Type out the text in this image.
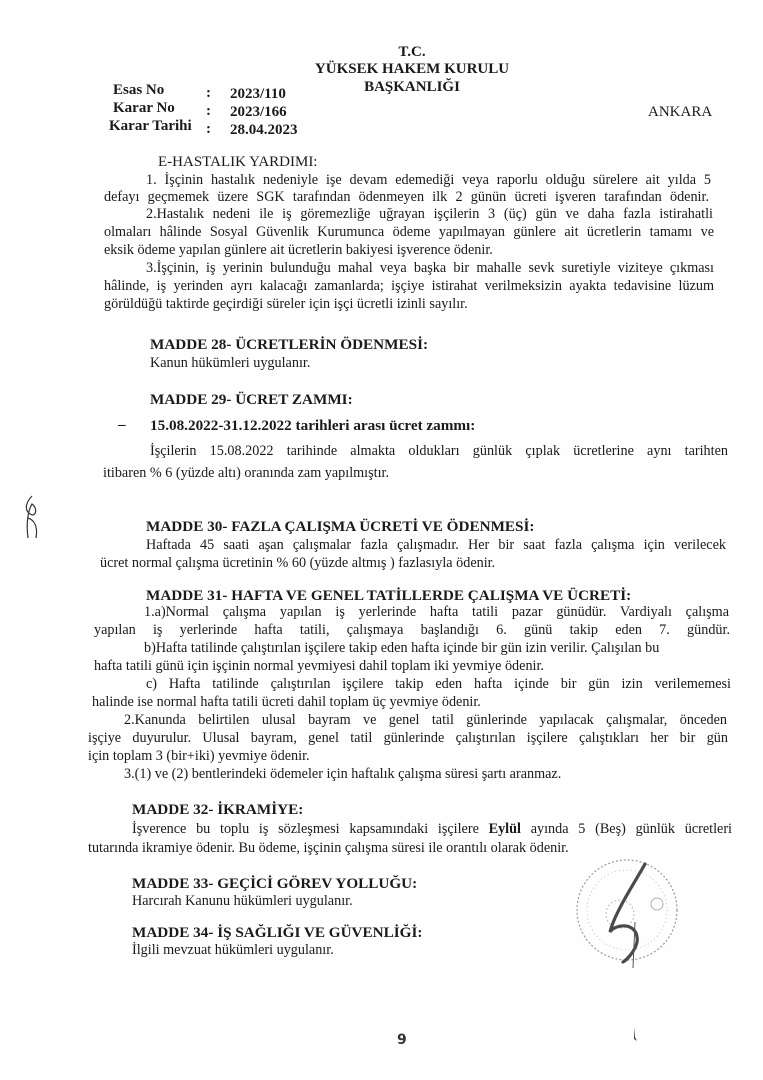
T.C.
YÜKSEK HAKEM KURULU
BAŞKANLIĞI
Esas No	: 2023/110
Karar No : 2023/166
Karar Tarihi : 28.04.2023
ANKARA
E-HASTALIK YARDIMI:
1. İşçinin hastalık nedeniyle işe devam edemediği veya raporlu olduğu sürelere ait yılda 5
defayı geçmemek üzere SGK tarafından ödenmeyen ilk 2 günün ücreti işveren tarafından ödenir.
2.Hastalık nedeni ile iş göremezliğe uğrayan işçilerin 3 (üç) gün ve daha fazla istirahatli
olmaları hâlinde Sosyal Güvenlik Kurumunca ödeme yapılmayan günlere ait ücretlerin tamamı ve
eksik ödeme yapılan günlere ait ücretlerin bakiyesi işverence ödenir.
3.İşçinin, iş yerinin bulunduğu mahal veya başka bir mahalle sevk suretiyle viziteye çıkması
hâlinde, iş yerinden ayrı kalacağı zamanlarda; işçiye istirahat verilmeksizin ayakta tedavisine lüzum
görüldüğü taktirde geçirdiği süreler için işçi ücretli izinli sayılır.
MADDE 28- ÜCRETLERİN ÖDENMESİ:
Kanun hükümleri uygulanır.
MADDE 29- ÜCRET ZAMMI:
– 15.08.2022-31.12.2022 tarihleri arası ücret zammı:
İşçilerin 15.08.2022 tarihinde almakta oldukları günlük çıplak ücretlerine aynı tarihten
itibaren % 6 (yüzde altı) oranında zam yapılmıştır.
MADDE 30- FAZLA ÇALIŞMA ÜCRETİ VE ÖDENMESİ:
Haftada 45 saati aşan çalışmalar fazla çalışmadır. Her bir saat fazla çalışma için verilecek
ücret normal çalışma ücretinin % 60 (yüzde altmış ) fazlasıyla ödenir.
MADDE 31- HAFTA VE GENEL TATİLLERDE ÇALIŞMA VE ÜCRETİ:
1.a)Normal çalışma yapılan iş yerlerinde hafta tatili pazar günüdür. Vardiyalı çalışma
yapılan iş yerlerinde hafta tatili, çalışmaya başlandığı 6. günü takip eden 7. gündür.
b)Hafta tatilinde çalıştırılan işçilere takip eden hafta içinde bir gün izin verilir. Çalışılan bu
hafta tatili günü için işçinin normal yevmiyesi dahil toplam iki yevmiye ödenir.
c) Hafta tatilinde çalıştırılan işçilere takip eden hafta içinde bir gün izin verilememesi
halinde ise normal hafta tatili ücreti dahil toplam üç yevmiye ödenir.
2.Kanunda belirtilen ulusal bayram ve genel tatil günlerinde yapılacak çalışmalar, önceden
işçiye duyurulur. Ulusal bayram, genel tatil günlerinde çalıştırılan işçilere çalıştıkları her bir gün
için toplam 3 (bir+iki) yevmiye ödenir.
3.(1) ve (2) bentlerindeki ödemeler için haftalık çalışma süresi şartı aranmaz.
MADDE 32- İKRAMİYE:
İşverence bu toplu iş sözleşmesi kapsamındaki işçilere Eylül ayında 5 (Beş) günlük ücretleri
tutarında ikramiye ödenir. Bu ödeme, işçinin çalışma süresi ile orantılı olarak ödenir.
MADDE 33- GEÇİCİ GÖREV YOLLUĞU:
Harcırah Kanunu hükümleri uygulanır.
MADDE 34- İŞ SAĞLIĞI VE GÜVENLİĞİ:
İlgili mevzuat hükümleri uygulanır.
9
